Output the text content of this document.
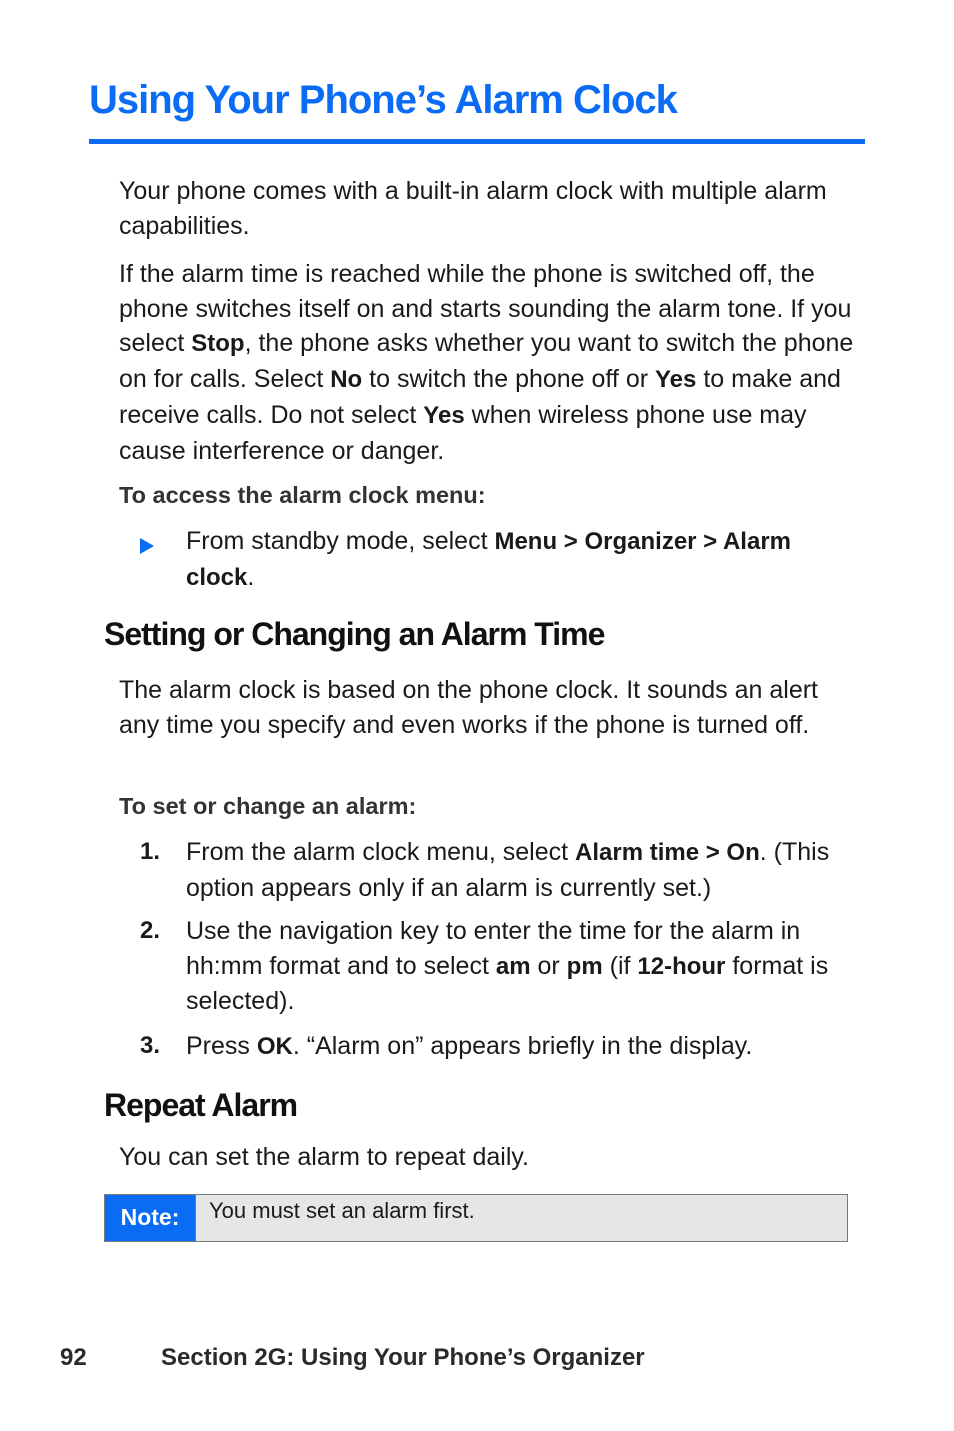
Using Your Phone’s Alarm Clock

Your phone comes with a built-in alarm clock with multiple alarm capabilities.

If the alarm time is reached while the phone is switched off, the phone switches itself on and starts sounding the alarm tone. If you select Stop, the phone asks whether you want to switch the phone on for calls. Select No to switch the phone off or Yes to make and receive calls. Do not select Yes when wireless phone use may cause interference or danger.

To access the alarm clock menu:

From standby mode, select Menu > Organizer > Alarm clock.

Setting or Changing an Alarm Time

The alarm clock is based on the phone clock. It sounds an alert any time you specify and even works if the phone is turned off.

To set or change an alarm:

1. From the alarm clock menu, select Alarm time > On. (This option appears only if an alarm is currently set.)

2. Use the navigation key to enter the time for the alarm in hh:mm format and to select am or pm (if 12-hour format is selected).

3. Press OK. “Alarm on” appears briefly in the display.

Repeat Alarm

You can set the alarm to repeat daily.

Note:	You must set an alarm first.
92	Section 2G: Using Your Phone’s Organizer
